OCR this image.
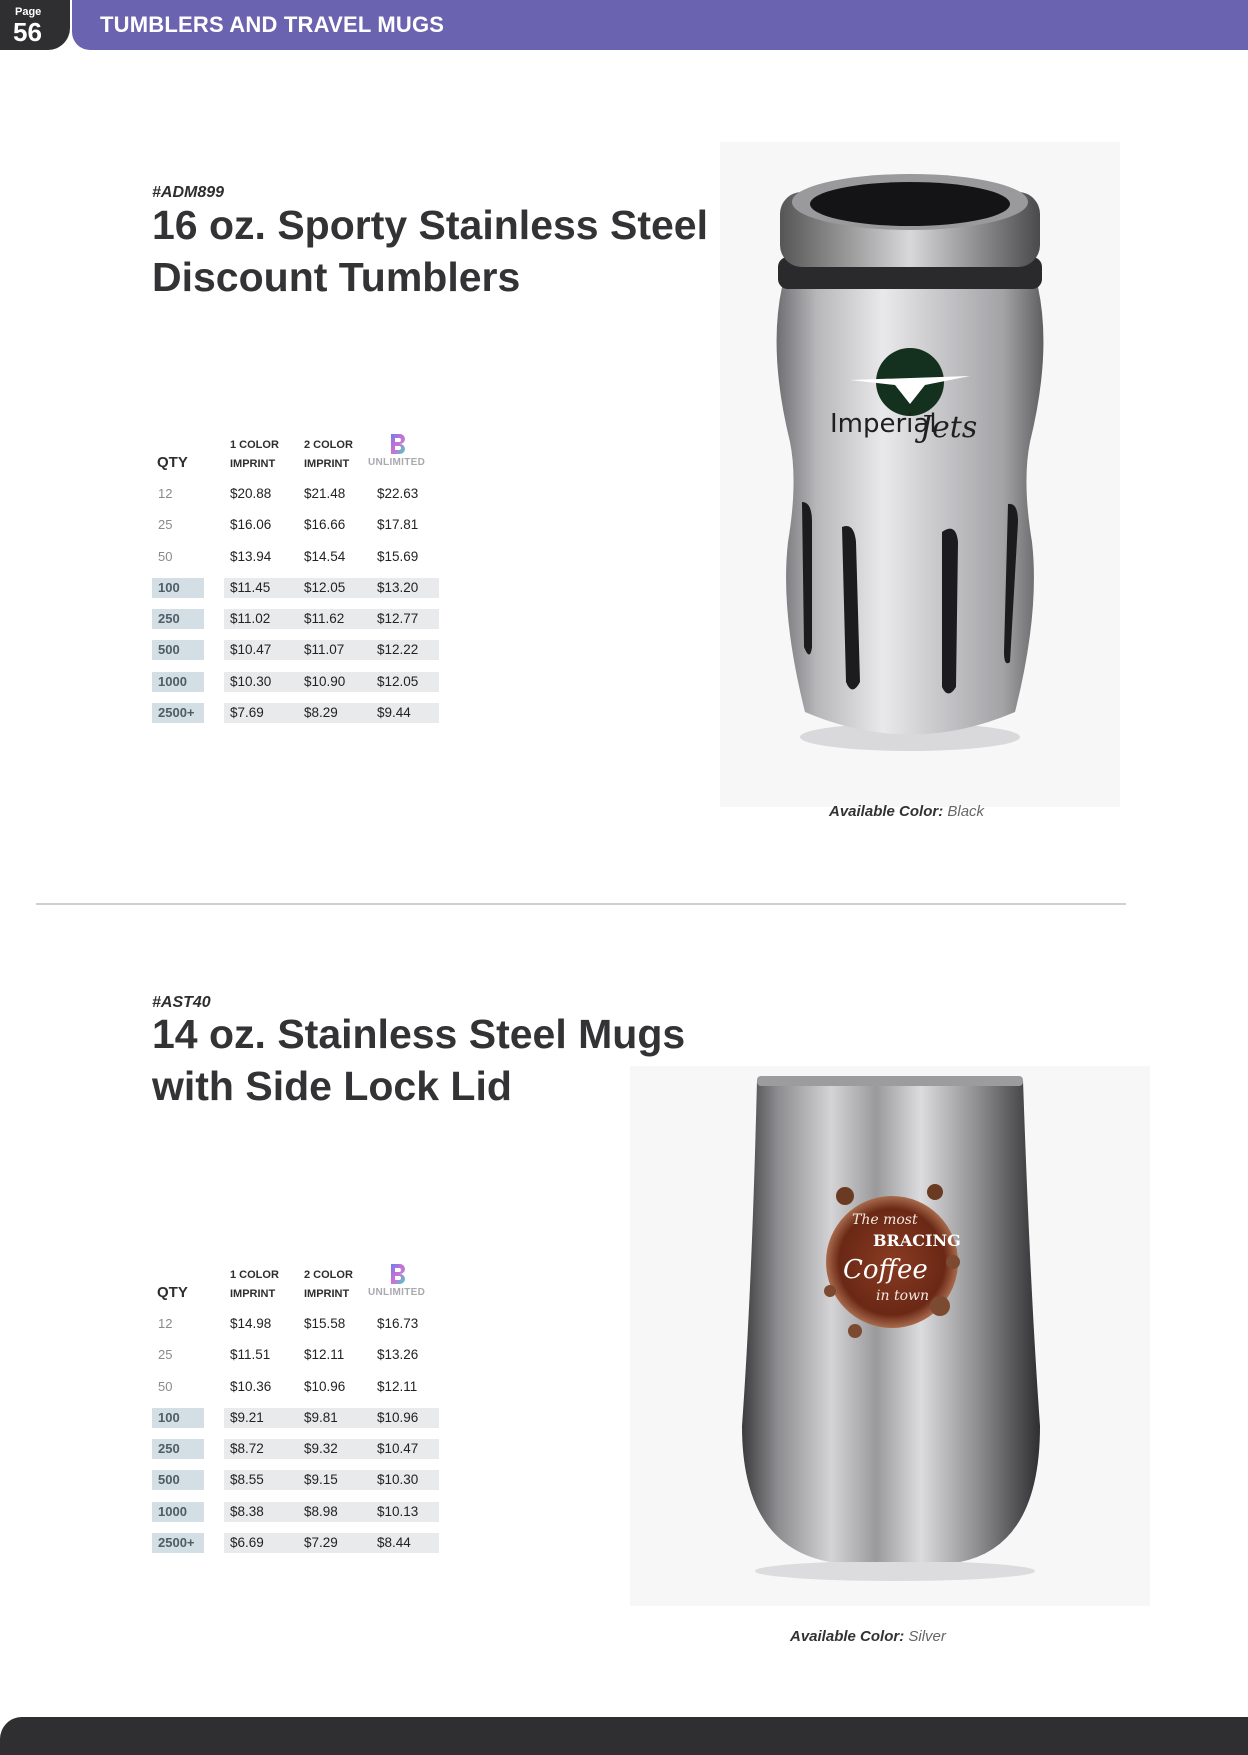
Page
56	TUMBLERS AND TRAVEL MUGS
#ADM899
16 oz. Sporty Stainless Steel
Discount Tumblers
QTY
1 COLOR
IMPRINT
2 COLOR
IMPRINT	UNLIMITED
12	$20.88 $21.48 $22.63
25	$16.06 $16.66 $17.81
50	$13.94 $14.54 $15.69
100	$11.45 $12.05 $13.20
250	$11.02 $11.62 $12.77
500	$10.47 $11.07 $12.22
1000	$10.30 $10.90 $12.05
2500+	$7.69	$8.29	$9.44
Imperial
Jets
Available Color: Black
#AST40
14 oz. Stainless Steel Mugs
with Side Lock Lid
QTY
1 COLOR
IMPRINT
2 COLOR
IMPRINT	UNLIMITED
12	$14.98 $15.58 $16.73
25	$11.51 $12.11 $13.26
50	$10.36 $10.96 $12.11
100	$9.21	$9.81	$10.96
250	$8.72	$9.32	$10.47
500	$8.55	$9.15	$10.30
1000	$8.38	$8.98	$10.13
2500+	$6.69	$7.29	$8.44
The most
BRACING
Coffee
in town
Available Color: Silver
